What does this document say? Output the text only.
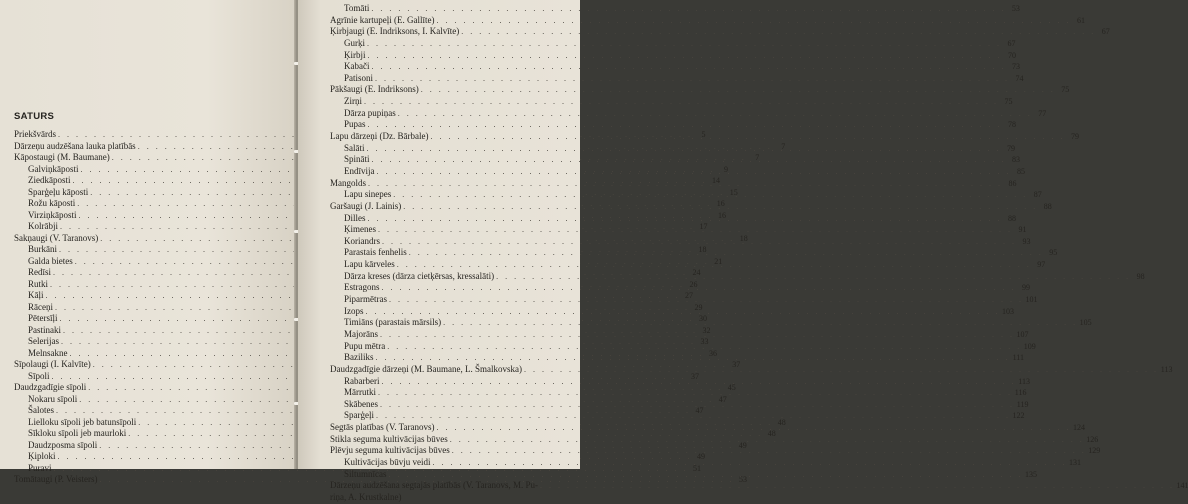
SATURS
Priekšvārds . . .	5
Dārzeņu audzēšana lauka platībās . . .	7
Kāpostaugi (M. Baumane) . . .	7
Galviņkāposti . . .	9
Ziedkāposti . . .	14
Sparģeļu kāposti . . .	15
Rožu kāposti . . .	16
Virziņkāposti . . .	16
Kolrābji . . .	17
Sakņaugi (V. Taranovs) . . .	18
Burkāni . . .	18
Galda bietes . . .	21
Redīsi . . .	24
Rutki . . .	26
Kāļi . . .	27
Rāceņi . . .	29
Pētersīļi . . .	30
Pastinaki . . .	32
Selerijas . . .	33
Melnsakne . . .	36
Sīpolaugi (I. Kalvīte) . . .	37
Sīpoli . . .	37
Daudzgadīgie sīpoli . . .	45
Nokaru sīpoli . . .	47
Šalotes . . .	47
Lielloku sīpoli jeb batunsīpoli . . .	48
Sīkloku sīpoli jeb maurloki . . .	48
Daudzposma sīpoli . . .	49
Ķiploki . . .	49
Puravi . . .	51
Tomātaugi (P. Veisters) . . .	53
Tomāti . . .	53
Agrīnie kartupeļi (E. Gallīte) . . .	61
Ķirbjaugi (E. Indriksons, I. Kalvīte) . . .	67
Gurķi . . .	67
Ķirbji . . .	70
Kabači . . .	73
Patisoni . . .	74
Pākšaugi (E. Indriksons) . . .	75
Zirņi . . .	75
Dārza pupiņas . . .	77
Pupas . . .	78
Lapu dārzeņi (Dz. Bārbale) . . .	79
Salāti . . .	79
Spināti . . .	83
Endīvija . . .	85
Mangolds . . .	86
Lapu sinepes . . .	87
Garšaugi (J. Lainis) . . .	88
Dilles . . .	88
Ķimenes . . .	91
Koriandrs . . .	93
Parastais fenhelis . . .	95
Lapu kārveles . . .	97
Dārza kreses (dārza cietķērsas, kressalāti) . . .	98
Estragons . . .	99
Piparmētras . . .	101
Izops . . .	103
Timiāns (parastais mārsils) . . .	105
Majorāns . . .	107
Pupu mētra . . .	109
Baziliks . . .	111
Daudzgadīgie dārzeņi (M. Baumane, L. Šmalkovska) . . .	113
Rabarberi . . .	113
Mārrutki . . .	116
Skābenes . . .	119
Sparģeļi . . .	122
Segtās platības (V. Taranovs) . . .	124
Stikla seguma kultivācijas būves . . .	126
Plēvju seguma kultivācijas būves . . .	129
Kultivācijas būvju veidi . . .	131
Siltumnīcas . . .	135
Dārzeņu audzēšana segtajās platībās (V. Taranovs, M. Pu- . . .	141
riņa, A. Krustkalne)
